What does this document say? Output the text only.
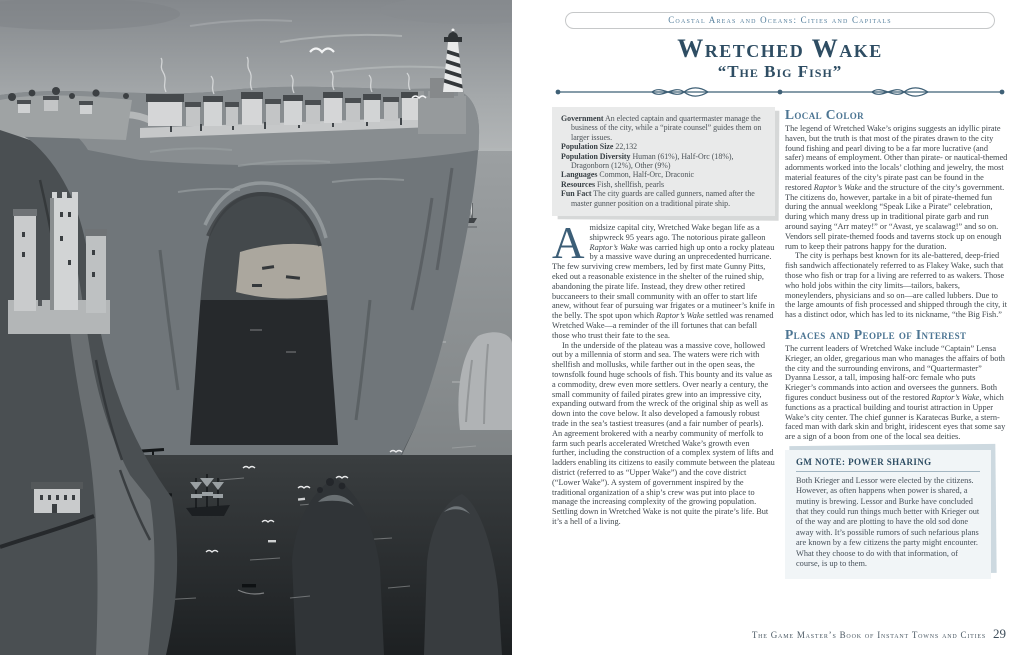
Coastal Areas and Oceans: Cities and Capitals
Wretched Wake
“The Big Fish”
Government An elected captain and quartermaster manage the business of the city, while a “pirate counsel” guides them on larger issues.
Population Size 22,132
Population Diversity Human (61%), Half-Orc (18%), Dragonborn (12%), Other (9%)
Languages Common, Half-Orc, Draconic
Resources Fish, shellfish, pearls
Fun Fact The city guards are called gunners, named after the master gunner position on a traditional pirate ship.

Amidsize capital city, Wretched Wake began life as a shipwreck 95 years ago. The notorious pirate galleon Raptor’s Wake was carried high up onto a rocky plateau by a massive wave during an unprecedented hurricane. The few surviving crew members, led by first mate Gunny Pitts, eked out a reasonable existence in the shelter of the ruined ship, abandoning the pirate life. Instead, they drew other retired buccaneers to their small community with an offer to start life anew, without fear of pursuing war frigates or a mutineer’s knife in the belly. The spot upon which Raptor’s Wake settled was renamed Wretched Wake—a reminder of the ill fortunes that can befall those who trust their fate to the sea.

In the underside of the plateau was a massive cove, hollowed out by a millennia of storm and sea. The waters were rich with shellfish and mollusks, while farther out in the open seas, the townsfolk found huge schools of fish. This bounty and its value as a commodity, drew even more settlers. Over nearly a century, the small community of failed pirates grew into an impressive city, expanding outward from the wreck of the original ship as well as down into the cove below. It also developed a famously robust trade in the sea’s tastiest treasures (and a fair number of pearls). An agreement brokered with a nearby community of merfolk to farm such pearls accelerated Wretched Wake’s growth even further, including the construction of a complex system of lifts and ladders enabling its citizens to easily commute between the plateau district (referred to as “Upper Wake”) and the cove district (“Lower Wake”). A system of government inspired by the traditional organization of a ship’s crew was put into place to manage the increasing complexity of the growing population. Settling down in Wretched Wake is not quite the pirate’s life. But it’s a hell of a living.

Local Color

The legend of Wretched Wake’s origins suggests an idyllic pirate haven, but the truth is that most of the pirates drawn to the city found fishing and pearl diving to be a far more lucrative (and safer) means of employment. Other than pirate- or nautical-themed adornments worked into the locals’ clothing and jewelry, the most material features of the city’s pirate past can be found in the restored Raptor’s Wake and the structure of the city’s government. The citizens do, however, partake in a bit of pirate-themed fun during the annual weeklong “Speak Like a Pirate” celebration, during which many dress up in traditional pirate garb and run around saying “Arr matey!” or “Avast, ye scalawag!” and so on. Vendors sell pirate-themed foods and taverns stock up on enough rum to keep their patrons happy for the duration.

The city is perhaps best known for its ale-battered, deep-fried fish sandwich affectionately referred to as Flakey Wake, such that those who fish or trap for a living are referred to as wakers. Those who hold jobs within the city limits—tailors, bakers, moneylenders, physicians and so on—are called lubbers. Due to the large amounts of fish processed and shipped through the city, it has a distinct odor, which has led to its nickname, “the Big Fish.”

Places and People of Interest

The current leaders of Wretched Wake include “Captain” Lensa Krieger, an older, gregarious man who manages the affairs of both the city and the surrounding environs, and “Quartermaster” Dyanna Lessor, a tall, imposing half-orc female who puts Krieger’s commands into action and oversees the gunners. Both figures conduct business out of the restored Raptor’s Wake, which functions as a practical building and tourist attraction in Upper Wake’s city center. The chief gunner is Karatecas Burke, a stern-faced man with dark skin and bright, iridescent eyes that some say are a sign of a boon from one of the local sea deities.

GM NOTE: POWER SHARING

Both Krieger and Lessor were elected by the citizens. However, as often happens when power is shared, a mutiny is brewing. Lessor and Burke have concluded that they could run things much better with Krieger out of the way and are plotting to have the old sod done away with. It’s possible rumors of such nefarious plans are known by a few citizens the party might encounter. What they choose to do with that information, of course, is up to them.

The Game Master’s Book of Instant Towns and Cities 29
